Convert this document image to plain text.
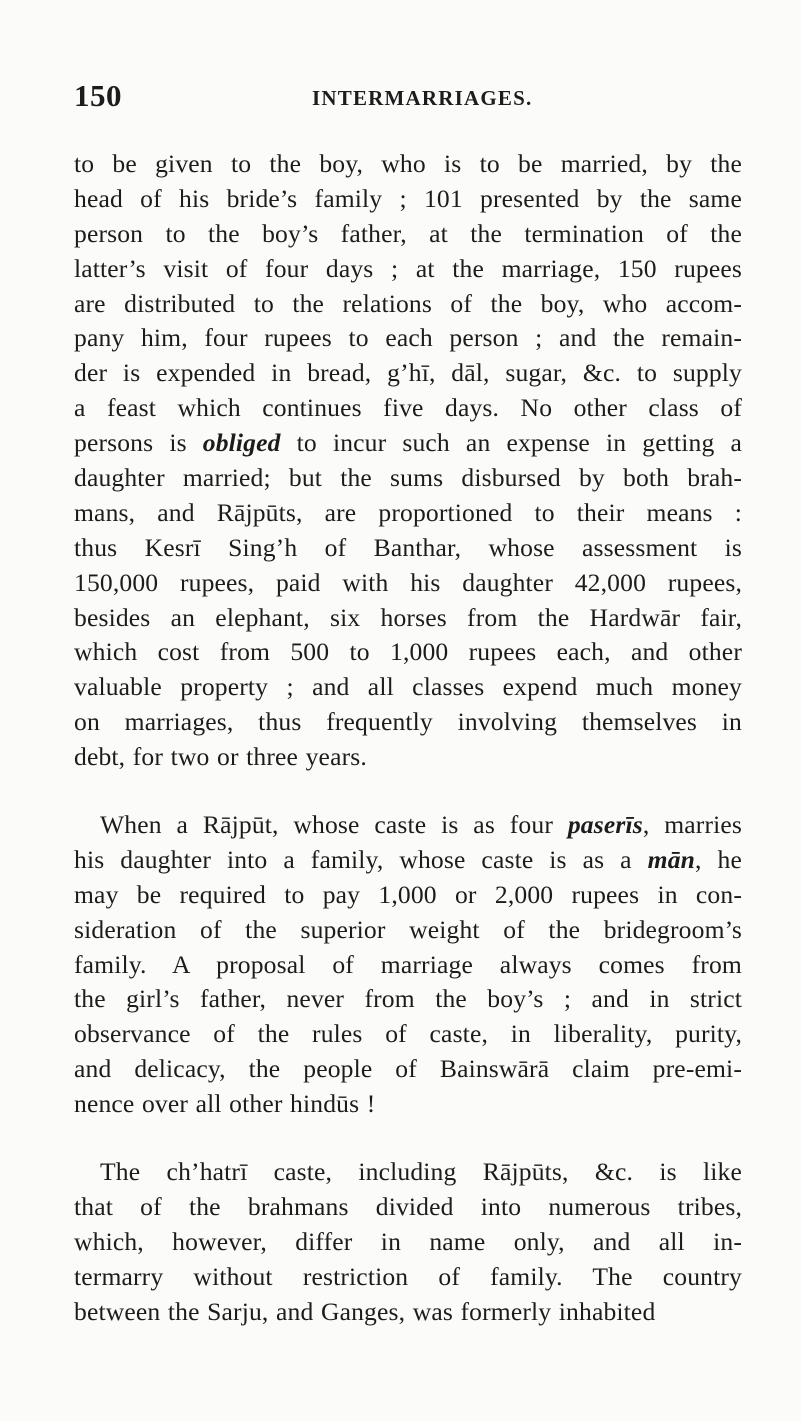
150	INTERMARRIAGES.
to be given to the boy, who is to be married, by the
head of his bride’s family ; 101 presented by the same
person to the boy’s father, at the termination of the
latter’s visit of four days ; at the marriage, 150 rupees
are distributed to the relations of the boy, who accom-
pany him, four rupees to each person ; and the remain-
der is expended in bread, g’hī, dāl, sugar, &c. to supply
a feast which continues five days. No other class of
persons is obliged to incur such an expense in getting a
daughter married; but the sums disbursed by both brah-
mans, and Rājpūts, are proportioned to their means :
thus Kesrī Sing’h of Banthar, whose assessment is
150,000 rupees, paid with his daughter 42,000 rupees,
besides an elephant, six horses from the Hardwār fair,
which cost from 500 to 1,000 rupees each, and other
valuable property ; and all classes expend much money
on marriages, thus frequently involving themselves in
debt, for two or three years.
When a Rājpūt, whose caste is as four paserīs, marries
his daughter into a family, whose caste is as a mān, he
may be required to pay 1,000 or 2,000 rupees in con-
sideration of the superior weight of the bridegroom’s
family. A proposal of marriage always comes from
the girl’s father, never from the boy’s ; and in strict
observance of the rules of caste, in liberality, purity,
and delicacy, the people of Bainswārā claim pre-emi-
nence over all other hindūs !
The ch’hatrī caste, including Rājpūts, &c. is like
that of the brahmans divided into numerous tribes,
which, however, differ in name only, and all in-
termarry without restriction of family. The country
between the Sarju, and Ganges, was formerly inhabited
